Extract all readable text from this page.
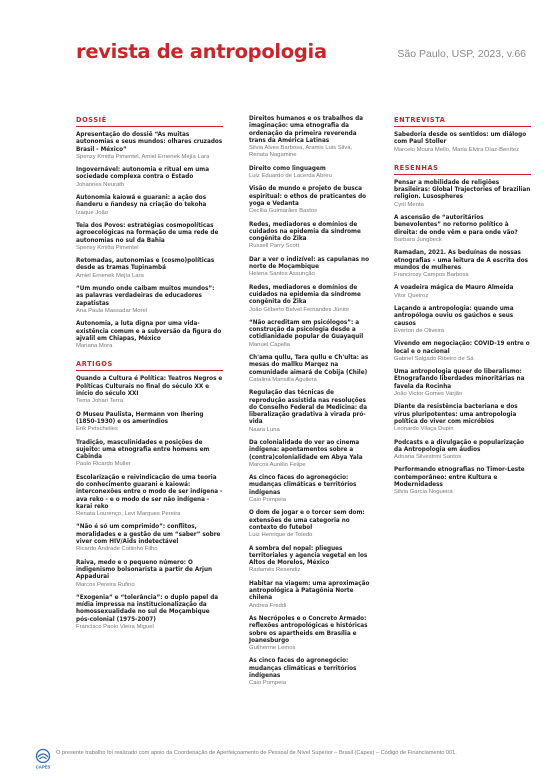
revista de antropologia	São Paulo, USP, 2023, v.66
DOSSIÊ
Apresentação do dossiê “As muitas autonomias e seus mundos: olhares cruzados Brasil - México”
Spensy Kmitta Pimentel, Amiel Ernenek Mejía Lara
Ingovernável: autonomia e ritual em uma sociedade complexa contra o Estado
Johannes Neurath
Autonomia kaiowá e guarani: a ação dos ñanderu e ñandesy na criação do tekoha
Izaque João
Teia dos Povos: estratégias cosmopolíticas agroecológicas na formação de uma rede de autonomias no sul da Bahia
Spensy Kmitta Pimentel
Retomadas, autonomias e (cosmo)políticas desde as tramas Tupinambá
Amiel Ernenek Mejía Lara
“Um mundo onde caibam muitos mundos”: as palavras verdadeiras de educadores zapatistas
Ana Paula Massadar Morel
Autonomia, a luta digna por uma vida-existência comum e a subversão da figura do ajvalil em Chiapas, México
Mariana Mora
ARTIGOS
Quando a Cultura é Política: Teatros Negros e Políticas Culturais no final do século XX e início do século XXI
Tema Johari Terra
O Museu Paulista, Hermann von Ihering (1850-1930) e os ameríndios
Erik Petschelies
Tradição, masculinidades e posições de sujeito: uma etnografia entre homens em Cabinda
Paulo Ricardo Muller
Escolarização e reivindicação de uma teoria do conhecimento guarani e kaiowá: interconexões entre o modo de ser indígena - ava reko - e o modo de ser não indígena - karai reko
Renata Lourenço, Levi Marques Pereira
“Não é só um comprimido”: conflitos, moralidades e a gestão de um “saber” sobre viver com HIV/Aids indetectável
Ricardo Andrade Coitinho Filho
Raiva, medo e o pequeno número: O indigenismo bolsonarista a partir de Arjun Appadurai
Marcos Pereira Rufino
“Exogenia” e “tolerância”: o duplo papel da mídia impressa na institucionalização da homossexualidade no sul de Moçambique pós-colonial (1975-2007)
Francisco Paolo Vieira Miguel
Direitos humanos e os trabalhos da imaginação: uma etnografia da ordenação da primeira reverenda trans da América Latinas
Silvia Alves Barbosa, Aramis Luis Silva, Renata Nagamine
Direito como linguagem
Luiz Eduardo de Lacerda Abreu
Visão de mundo e projeto de busca espiritual: o ethos de praticantes do yoga e Vedanta
Cecília Guimarães Bastos
Redes, mediadores e domínios de cuidados na epidemia da síndrome congênita do Zika
Russell Parry Scott
Dar a ver o indizível: as capulanas no norte de Moçambique
Helena Santos Assunção
Redes, mediadores e domínios de cuidados na epidemia da síndrome congênita do Zika
João Gilberto Belvel Fernandes Júnior
“Não acreditam em psicólogos”: a construção da psicologia desde a cotidianidade popular de Guayaquil
Manuel Capella
Ch'ama qullu, Tara qullu e Ch'ulta: as mesas do mallku Marqez na comunidade aimará de Cobija (Chile)
Catalina Mansilla Aguilera
Regulação das técnicas de reprodução assistida nas resoluções do Conselho Federal de Medicina: da liberalização gradativa à virada pró-vida
Naara Luna
Da colonialidade do ver ao cinema indígena: apontamentos sobre a (contra)colonialidade em Abya Yala
Marcos Aurélio Felipe
As cinco faces do agronegócio: mudanças climáticas e territórios indígenas
Caio Pompeia
O dom de jogar e o torcer sem dom: extensões de uma categoria no contexto do futebol
Luiz Henrique de Toledo
A sombra del nopal: pliegues territoriales y agencia vegetal en los Altos de Morelos, México
Radamés Resendiz
Habitar na viagem: uma aproximação antropológica à Patagônia Norte chilena
Andrea Freddi
As Necrópoles e o Concreto Armado: reflexões antropológicas e históricas sobre os apartheids em Brasília e Joanesburgo
Guilherme Lemos
As cinco faces do agronegócio: mudanças climáticas e territórios indígenas
Caio Pompeia
ENTREVISTA
Sabedoria desde os sentidos: um diálogo com Paul Stoller
Marcelo Moura Mello, Maria Elvira Díaz-Benítez
RESENHAS
Pensar a mobilidade de religiões brasileiras: Global Trajectories of brazilian religion. Lusospheres
Cyril Menta
A ascensão de “autoritários benevolentes” no retorno político à direita: de onde vêm e para onde vão?
Barbara Jungbeck
Ramadan, 2021. As beduínas de nossas etnografias – uma leitura de A escrita dos mundos de mulheres
Francirosy Campos Barbosa
A voadeira mágica de Mauro Almeida
Vitor Queiroz
Laçando a antropologia: quando uma antropóloga ouviu os gaúchos e seus causos
Everton de Oliveira
Vivendo em negociação: COVID-19 entre o local e o nacional
Gabriel Salgado Ribeiro de Sá
Uma antropologia queer do liberalismo: Etnografando liberdades minoritárias na favela da Rocinha
João Victor Gomes Varjão
Diante da resistência bacteriana e dos vírus pluripotentes: uma antropologia política do viver com micróbios
Leonardo Vilaça Dupin
Podcasts e a divulgação e popularização da Antropologia em áudios
Adriana Silvestrini Santos
Performando etnografias no Timor-Leste contemporâneo: entre Kultura e Modernidadess
Silvia Garcia Nogueira
CAPES
O presente trabalho foi realizado com apoio da Coordenação de Aperfeiçoamento de Pessoal de Nível Superior – Brasil (Capes) – Código de Financiamento 001.
